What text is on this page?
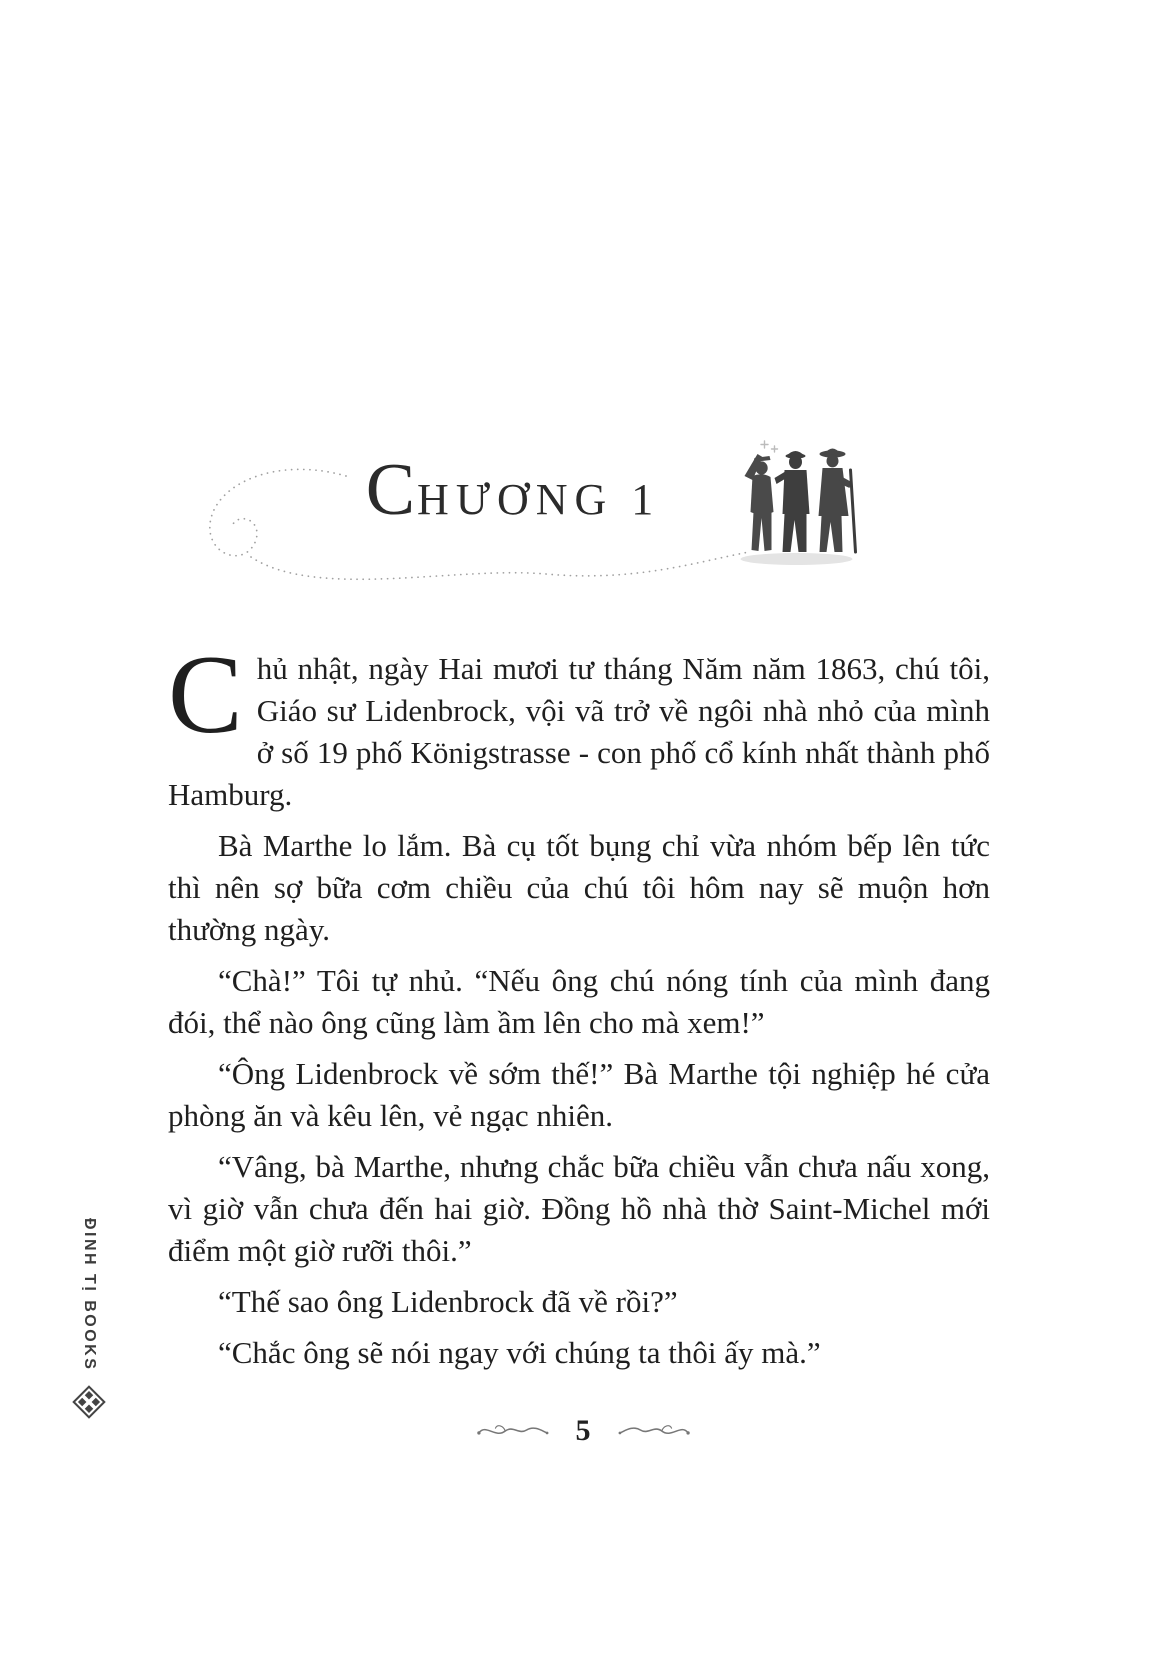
CHƯƠNG 1

Chủ nhật, ngày Hai mươi tư tháng Năm năm 1863, chú tôi, Giáo sư Lidenbrock, vội vã trở về ngôi nhà nhỏ của mình ở số 19 phố Königstrasse - con phố cổ kính nhất thành phố Hamburg.

Bà Marthe lo lắm. Bà cụ tốt bụng chỉ vừa nhóm bếp lên tức thì nên sợ bữa cơm chiều của chú tôi hôm nay sẽ muộn hơn thường ngày.

“Chà!” Tôi tự nhủ. “Nếu ông chú nóng tính của mình đang đói, thể nào ông cũng làm ầm lên cho mà xem!”

“Ông Lidenbrock về sớm thế!” Bà Marthe tội nghiệp hé cửa phòng ăn và kêu lên, vẻ ngạc nhiên.

“Vâng, bà Marthe, nhưng chắc bữa chiều vẫn chưa nấu xong, vì giờ vẫn chưa đến hai giờ. Đồng hồ nhà thờ Saint-Michel mới điểm một giờ rưỡi thôi.”

“Thế sao ông Lidenbrock đã về rồi?”

“Chắc ông sẽ nói ngay với chúng ta thôi ấy mà.”

ĐINH TỊ BOOKS
5
